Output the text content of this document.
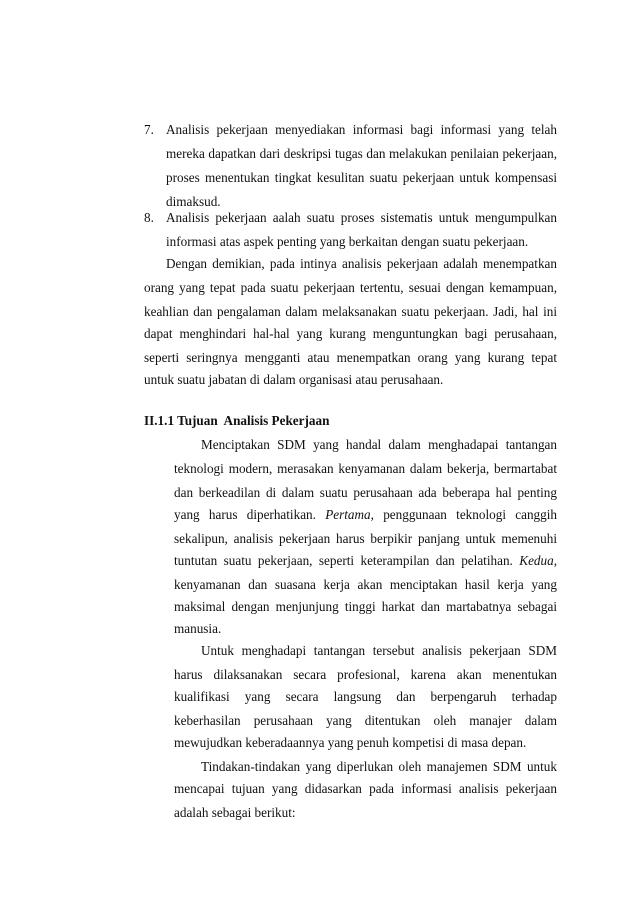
7. Analisis pekerjaan menyediakan informasi bagi informasi yang telah
mereka dapatkan dari deskripsi tugas dan melakukan penilaian pekerjaan,
proses menentukan tingkat kesulitan suatu pekerjaan untuk kompensasi
dimaksud.
8. Analisis pekerjaan aalah suatu proses sistematis untuk mengumpulkan
informasi atas aspek penting yang berkaitan dengan suatu pekerjaan.
Dengan demikian, pada intinya analisis pekerjaan adalah menempatkan
orang yang tepat pada suatu pekerjaan tertentu, sesuai dengan kemampuan,
keahlian dan pengalaman dalam melaksanakan suatu pekerjaan. Jadi, hal ini
dapat menghindari hal-hal yang kurang menguntungkan bagi perusahaan,
seperti seringnya mengganti atau menempatkan orang yang kurang tepat
untuk suatu jabatan di dalam organisasi atau perusahaan.
II.1.1 Tujuan  Analisis Pekerjaan
Menciptakan SDM yang handal dalam menghadapai tantangan
teknologi modern, merasakan kenyamanan dalam bekerja, bermartabat
dan berkeadilan di dalam suatu perusahaan ada beberapa hal penting
yang harus diperhatikan. Pertama, penggunaan teknologi canggih
sekalipun, analisis pekerjaan harus berpikir panjang untuk memenuhi
tuntutan suatu pekerjaan, seperti keterampilan dan pelatihan. Kedua,
kenyamanan dan suasana kerja akan menciptakan hasil kerja yang
maksimal dengan menjunjung tinggi harkat dan martabatnya sebagai
manusia.
Untuk menghadapi tantangan tersebut analisis pekerjaan SDM
harus dilaksanakan secara profesional, karena akan menentukan
kualifikasi yang secara langsung dan berpengaruh terhadap
keberhasilan perusahaan yang ditentukan oleh manajer dalam
mewujudkan keberadaannya yang penuh kompetisi di masa depan.
Tindakan-tindakan yang diperlukan oleh manajemen SDM untuk
mencapai tujuan yang didasarkan pada informasi analisis pekerjaan
adalah sebagai berikut:
